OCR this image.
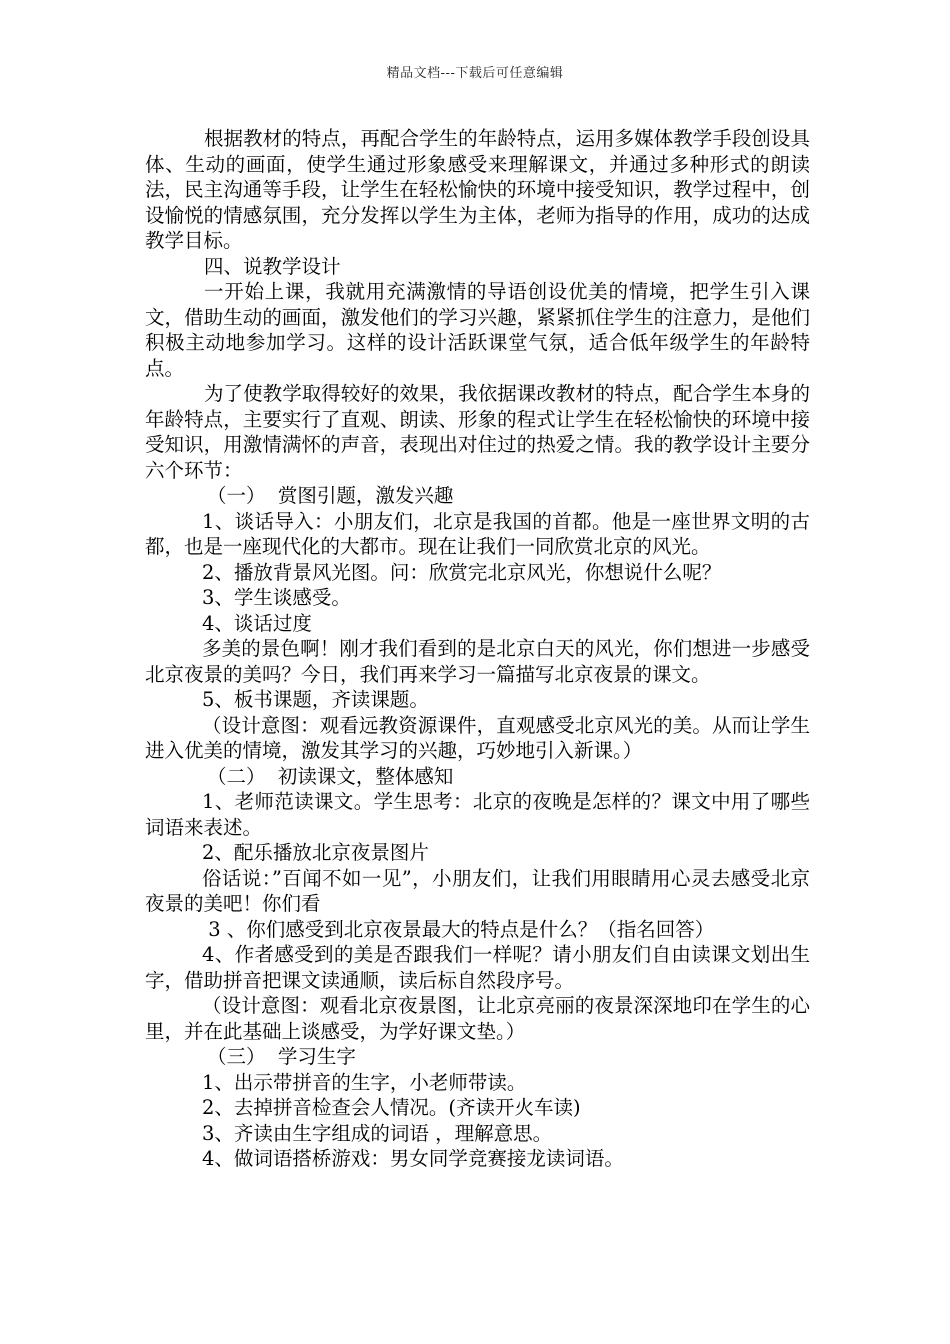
精品文档---下载后可任意编辑

根据教材的特点，再配合学生的年龄特点，运用多媒体教学手段创设具体、生动的画面，使学生通过形象感受来理解课文，并通过多种形式的朗读法，民主沟通等手段，让学生在轻松愉快的环境中接受知识，教学过程中，创设愉悦的情感氛围，充分发挥以学生为主体，老师为指导的作用，成功的达成教学目标。

四、说教学设计

一开始上课，我就用充满激情的导语创设优美的情境，把学生引入课文，借助生动的画面，激发他们的学习兴趣，紧紧抓住学生的注意力，是他们积极主动地参加学习。这样的设计活跃课堂气氛，适合低年级学生的年龄特点。

为了使教学取得较好的效果，我依据课改教材的特点，配合学生本身的年龄特点，主要实行了直观、朗读、形象的程式让学生在轻松愉快的环境中接受知识，用激情满怀的声音，表现出对住过的热爱之情。我的教学设计主要分六个环节：

（一）  赏图引题，激发兴趣

1、谈话导入：小朋友们，北京是我国的首都。他是一座世界文明的古都，也是一座现代化的大都市。现在让我们一同欣赏北京的风光。

2、播放背景风光图。问：欣赏完北京风光，你想说什么呢？

3、学生谈感受。

4、谈话过度

多美的景色啊！刚才我们看到的是北京白天的风光，你们想进一步感受北京夜景的美吗？今日，我们再来学习一篇描写北京夜景的课文。

5、板书课题，齐读课题。

（设计意图：观看远教资源课件，直观感受北京风光的美。从而让学生进入优美的情境，激发其学习的兴趣，巧妙地引入新课。）

（二）  初读课文，整体感知

1、老师范读课文。学生思考：北京的夜晚是怎样的？课文中用了哪些词语来表述。

2、配乐播放北京夜景图片

俗话说：”百闻不如一见”，小朋友们，让我们用眼睛用心灵去感受北京夜景的美吧！你们看

3 、你们感受到北京夜景最大的特点是什么？（指名回答）

4、作者感受到的美是否跟我们一样呢？请小朋友们自由读课文划出生字，借助拼音把课文读通顺，读后标自然段序号。

（设计意图：观看北京夜景图，让北京亮丽的夜景深深地印在学生的心里，并在此基础上谈感受，为学好课文垫。）

（三）  学习生字

1、出示带拼音的生字，小老师带读。

2、去掉拼音检查会人情况。(齐读开火车读)

3、齐读由生字组成的词语 ，理解意思。

4、做词语搭桥游戏：男女同学竞赛接龙读词语。
